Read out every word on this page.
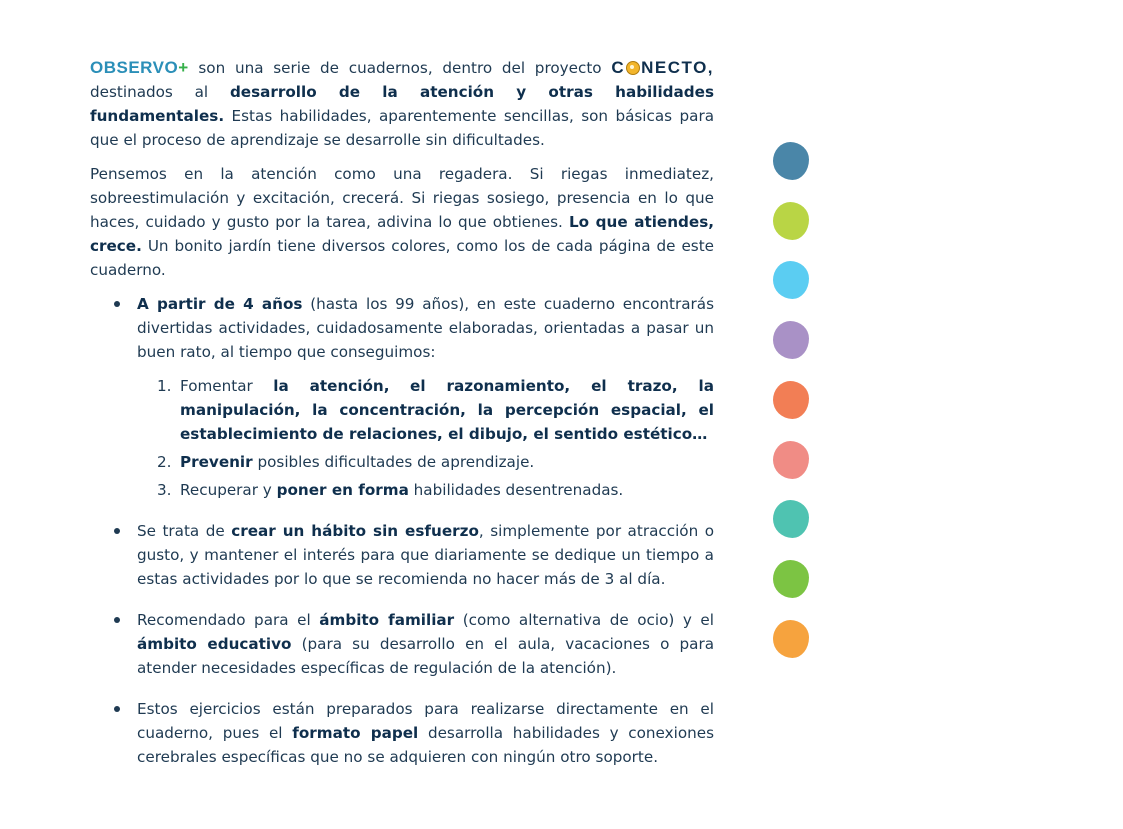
OBSERVO+ son una serie de cuadernos, dentro del proyecto C NECTO, destinados al desarrollo de la atención y otras habilidades fundamentales. Estas habilidades, aparentemente sencillas, son básicas para que el proceso de aprendizaje se desarrolle sin dificultades.

Pensemos en la atención como una regadera. Si riegas inmediatez, sobreestimulación y excitación, crecerá. Si riegas sosiego, presencia en lo que haces, cuidado y gusto por la tarea, adivina lo que obtienes. Lo que atiendes, crece. Un bonito jardín tiene diversos colores, como los de cada página de este cuaderno.

A partir de 4 años (hasta los 99 años), en este cuaderno encontrarás divertidas actividades, cuidadosamente elaboradas, orientadas a pasar un buen rato, al tiempo que conseguimos:
1. Fomentar la atención, el razonamiento, el trazo, la manipulación, la concentración, la percepción espacial, el establecimiento de relaciones, el dibujo, el sentido estético…
2. Prevenir posibles dificultades de aprendizaje.
3. Recuperar y poner en forma habilidades desentrenadas.
Se trata de crear un hábito sin esfuerzo, simplemente por atracción o gusto, y mantener el interés para que diariamente se dedique un tiempo a estas actividades por lo que se recomienda no hacer más de 3 al día.
Recomendado para el ámbito familiar (como alternativa de ocio) y el ámbito educativo (para su desarrollo en el aula, vacaciones o para atender necesidades específicas de regulación de la atención).
Estos ejercicios están preparados para realizarse directamente en el cuaderno, pues el formato papel desarrolla habilidades y conexiones cerebrales específicas que no se adquieren con ningún otro soporte.
